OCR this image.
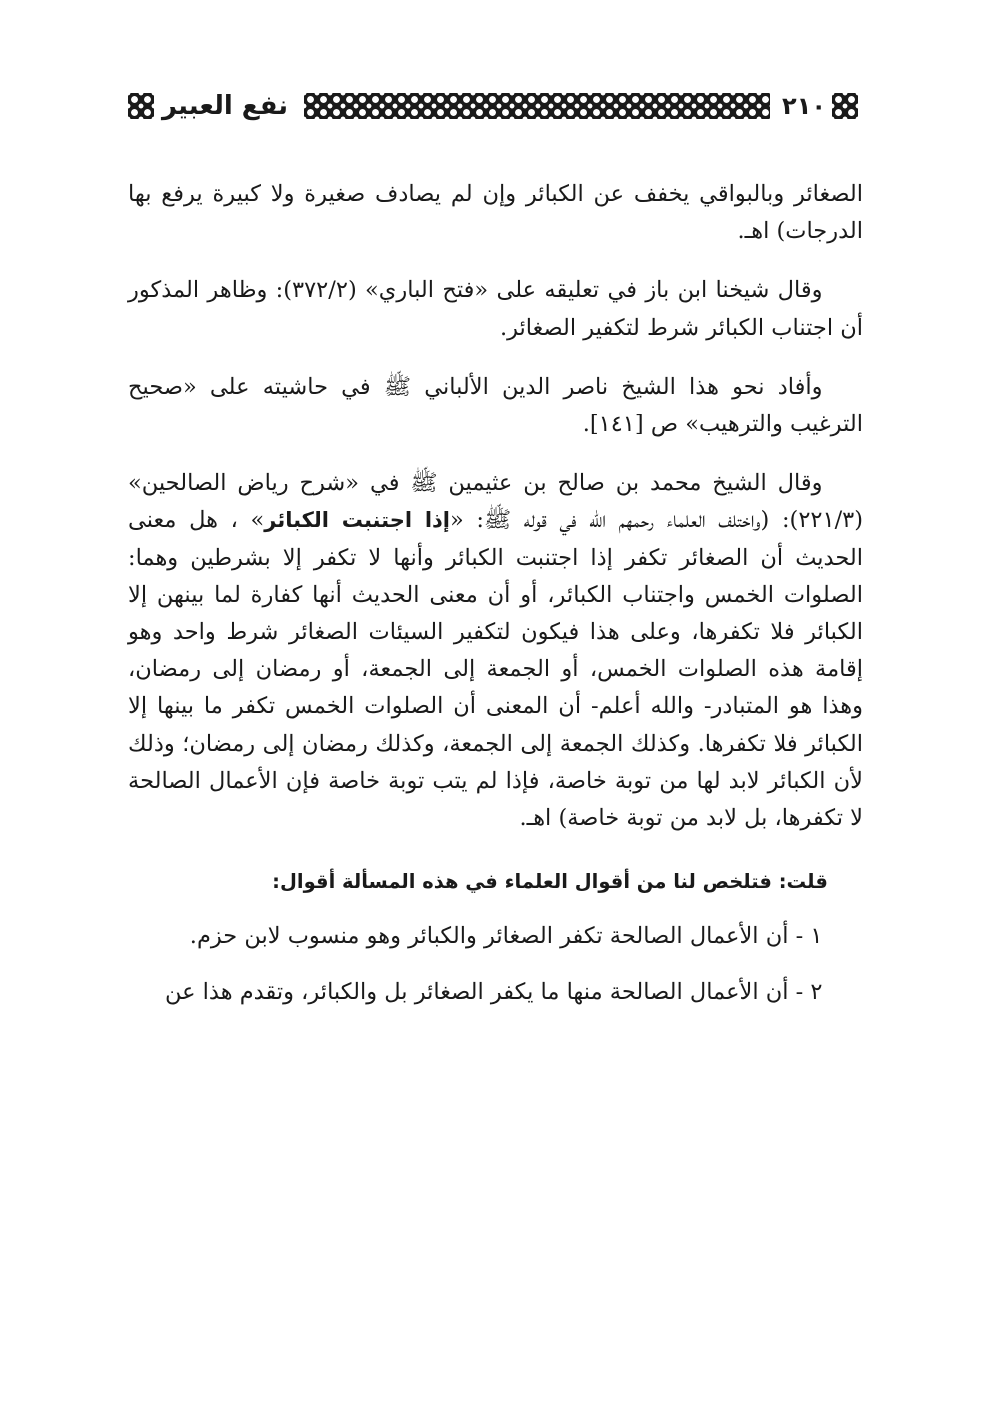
٢١٠
نفع العبير

الصغائر وبالبواقي يخفف عن الكبائر وإن لم يصادف صغيرة ولا كبيرة يرفع بها الدرجات) اهـ.

وقال شيخنا ابن باز في تعليقه على «فتح الباري» (٣٧٢/٢): وظاهر المذكور أن اجتناب الكبائر شرط لتكفير الصغائر.

وأفاد نحو هذا الشيخ ناصر الدين الألباني ﷺ في حاشيته على «صحيح الترغيب والترهيب» ص [١٤١].

وقال الشيخ محمد بن صالح بن عثيمين ﷺ في «شرح رياض الصالحين» (٢٢١/٣): (واختلف العلماء رحمهم الله في قوله ﷺ: «إذا اجتنبت الكبائر» ، هل معنى الحديث أن الصغائر تكفر إذا اجتنبت الكبائر وأنها لا تكفر إلا بشرطين وهما: الصلوات الخمس واجتناب الكبائر، أو أن معنى الحديث أنها كفارة لما بينهن إلا الكبائر فلا تكفرها، وعلى هذا فيكون لتكفير السيئات الصغائر شرط واحد وهو إقامة هذه الصلوات الخمس، أو الجمعة إلى الجمعة، أو رمضان إلى رمضان، وهذا هو المتبادر- والله أعلم- أن المعنى أن الصلوات الخمس تكفر ما بينها إلا الكبائر فلا تكفرها. وكذلك الجمعة إلى الجمعة، وكذلك رمضان إلى رمضان؛ وذلك لأن الكبائر لابد لها من توبة خاصة، فإذا لم يتب توبة خاصة فإن الأعمال الصالحة لا تكفرها، بل لابد من توبة خاصة) اهـ.

قلت: فتلخص لنا من أقوال العلماء في هذه المسألة أقوال:

١ - أن الأعمال الصالحة تكفر الصغائر والكبائر وهو منسوب لابن حزم.

٢ - أن الأعمال الصالحة منها ما يكفر الصغائر بل والكبائر، وتقدم هذا عن
